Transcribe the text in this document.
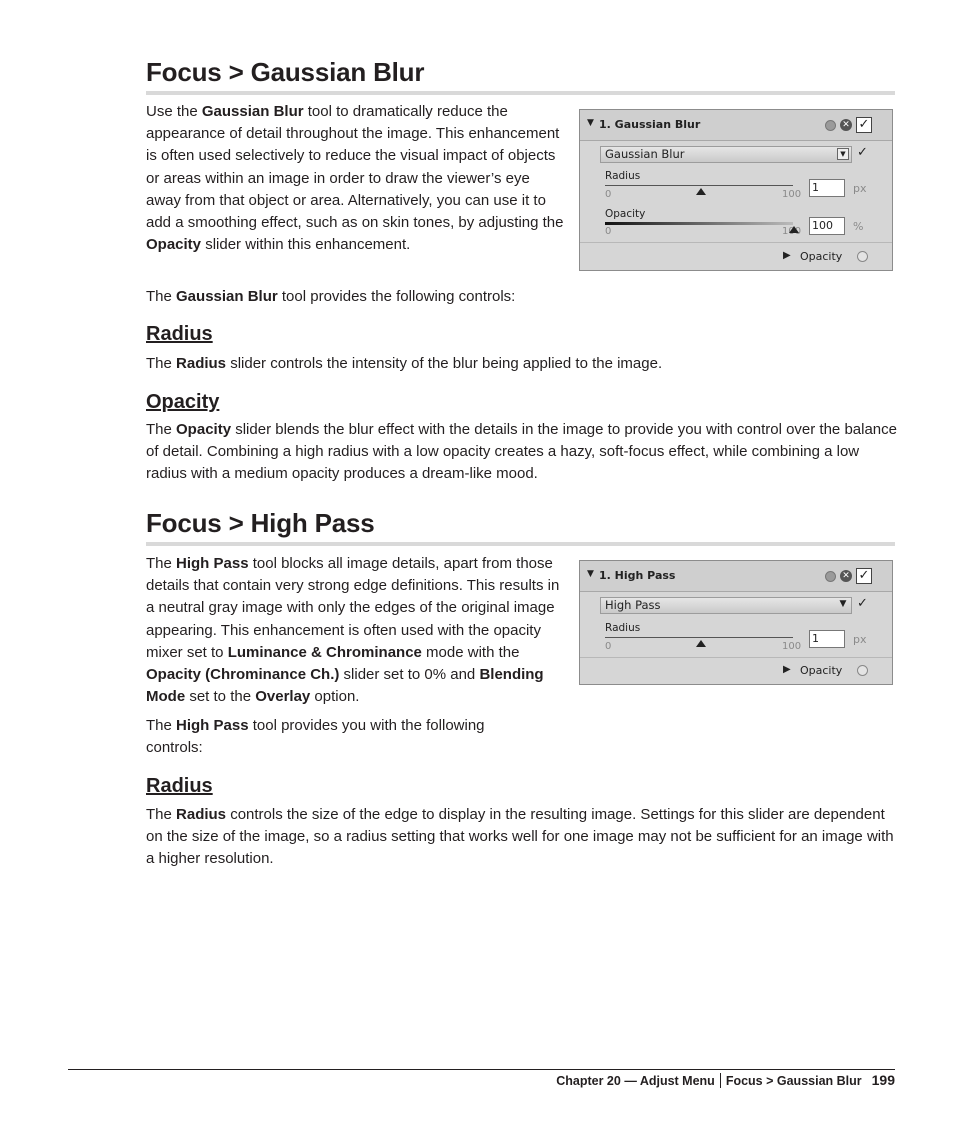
Focus > Gaussian Blur

Use the Gaussian Blur tool to dramatically reduce the appearance of detail throughout the image. This enhancement is often used selectively to reduce the visual impact of objects or areas within an image in order to draw the viewer’s eye away from that object or area. Alternatively, you can use it to add a smoothing effect, such as on skin tones, by adjusting the Opacity slider within this enhancement.

The Gaussian Blur tool provides the following controls:

Radius

The Radius slider controls the intensity of the blur being applied to the image.

Opacity

The Opacity slider blends the blur effect with the details in the image to provide you with control over the balance of detail. Combining a high radius with a low opacity creates a hazy, soft-focus effect, while combining a low radius with a medium opacity produces a dream-like mood.

▼ 1. Gaussian Blur	✕ ✓
Gaussian Blur	▼ ✓
Radius
0	100
1	px
Opacity
0	100 100	%
▶ Opacity
Focus > High Pass

The High Pass tool blocks all image details, apart from those details that contain very strong edge definitions. This results in a neutral gray image with only the edges of the original image appearing. This enhancement is often used with the opacity mixer set to Luminance & Chrominance mode with the Opacity (Chrominance Ch.) slider set to 0% and Blending Mode set to the Overlay option.

The High Pass tool provides you with the following controls:

Radius

The Radius controls the size of the edge to display in the resulting image. Settings for this slider are dependent on the size of the image, so a radius setting that works well for one image may not be sufficient for an image with a higher resolution.

▼ 1. High Pass	✕ ✓
High Pass	▼ ✓
Radius
0	100
1	px
▶ Opacity
Chapter 20 — Adjust Menu Focus > Gaussian Blur 199
